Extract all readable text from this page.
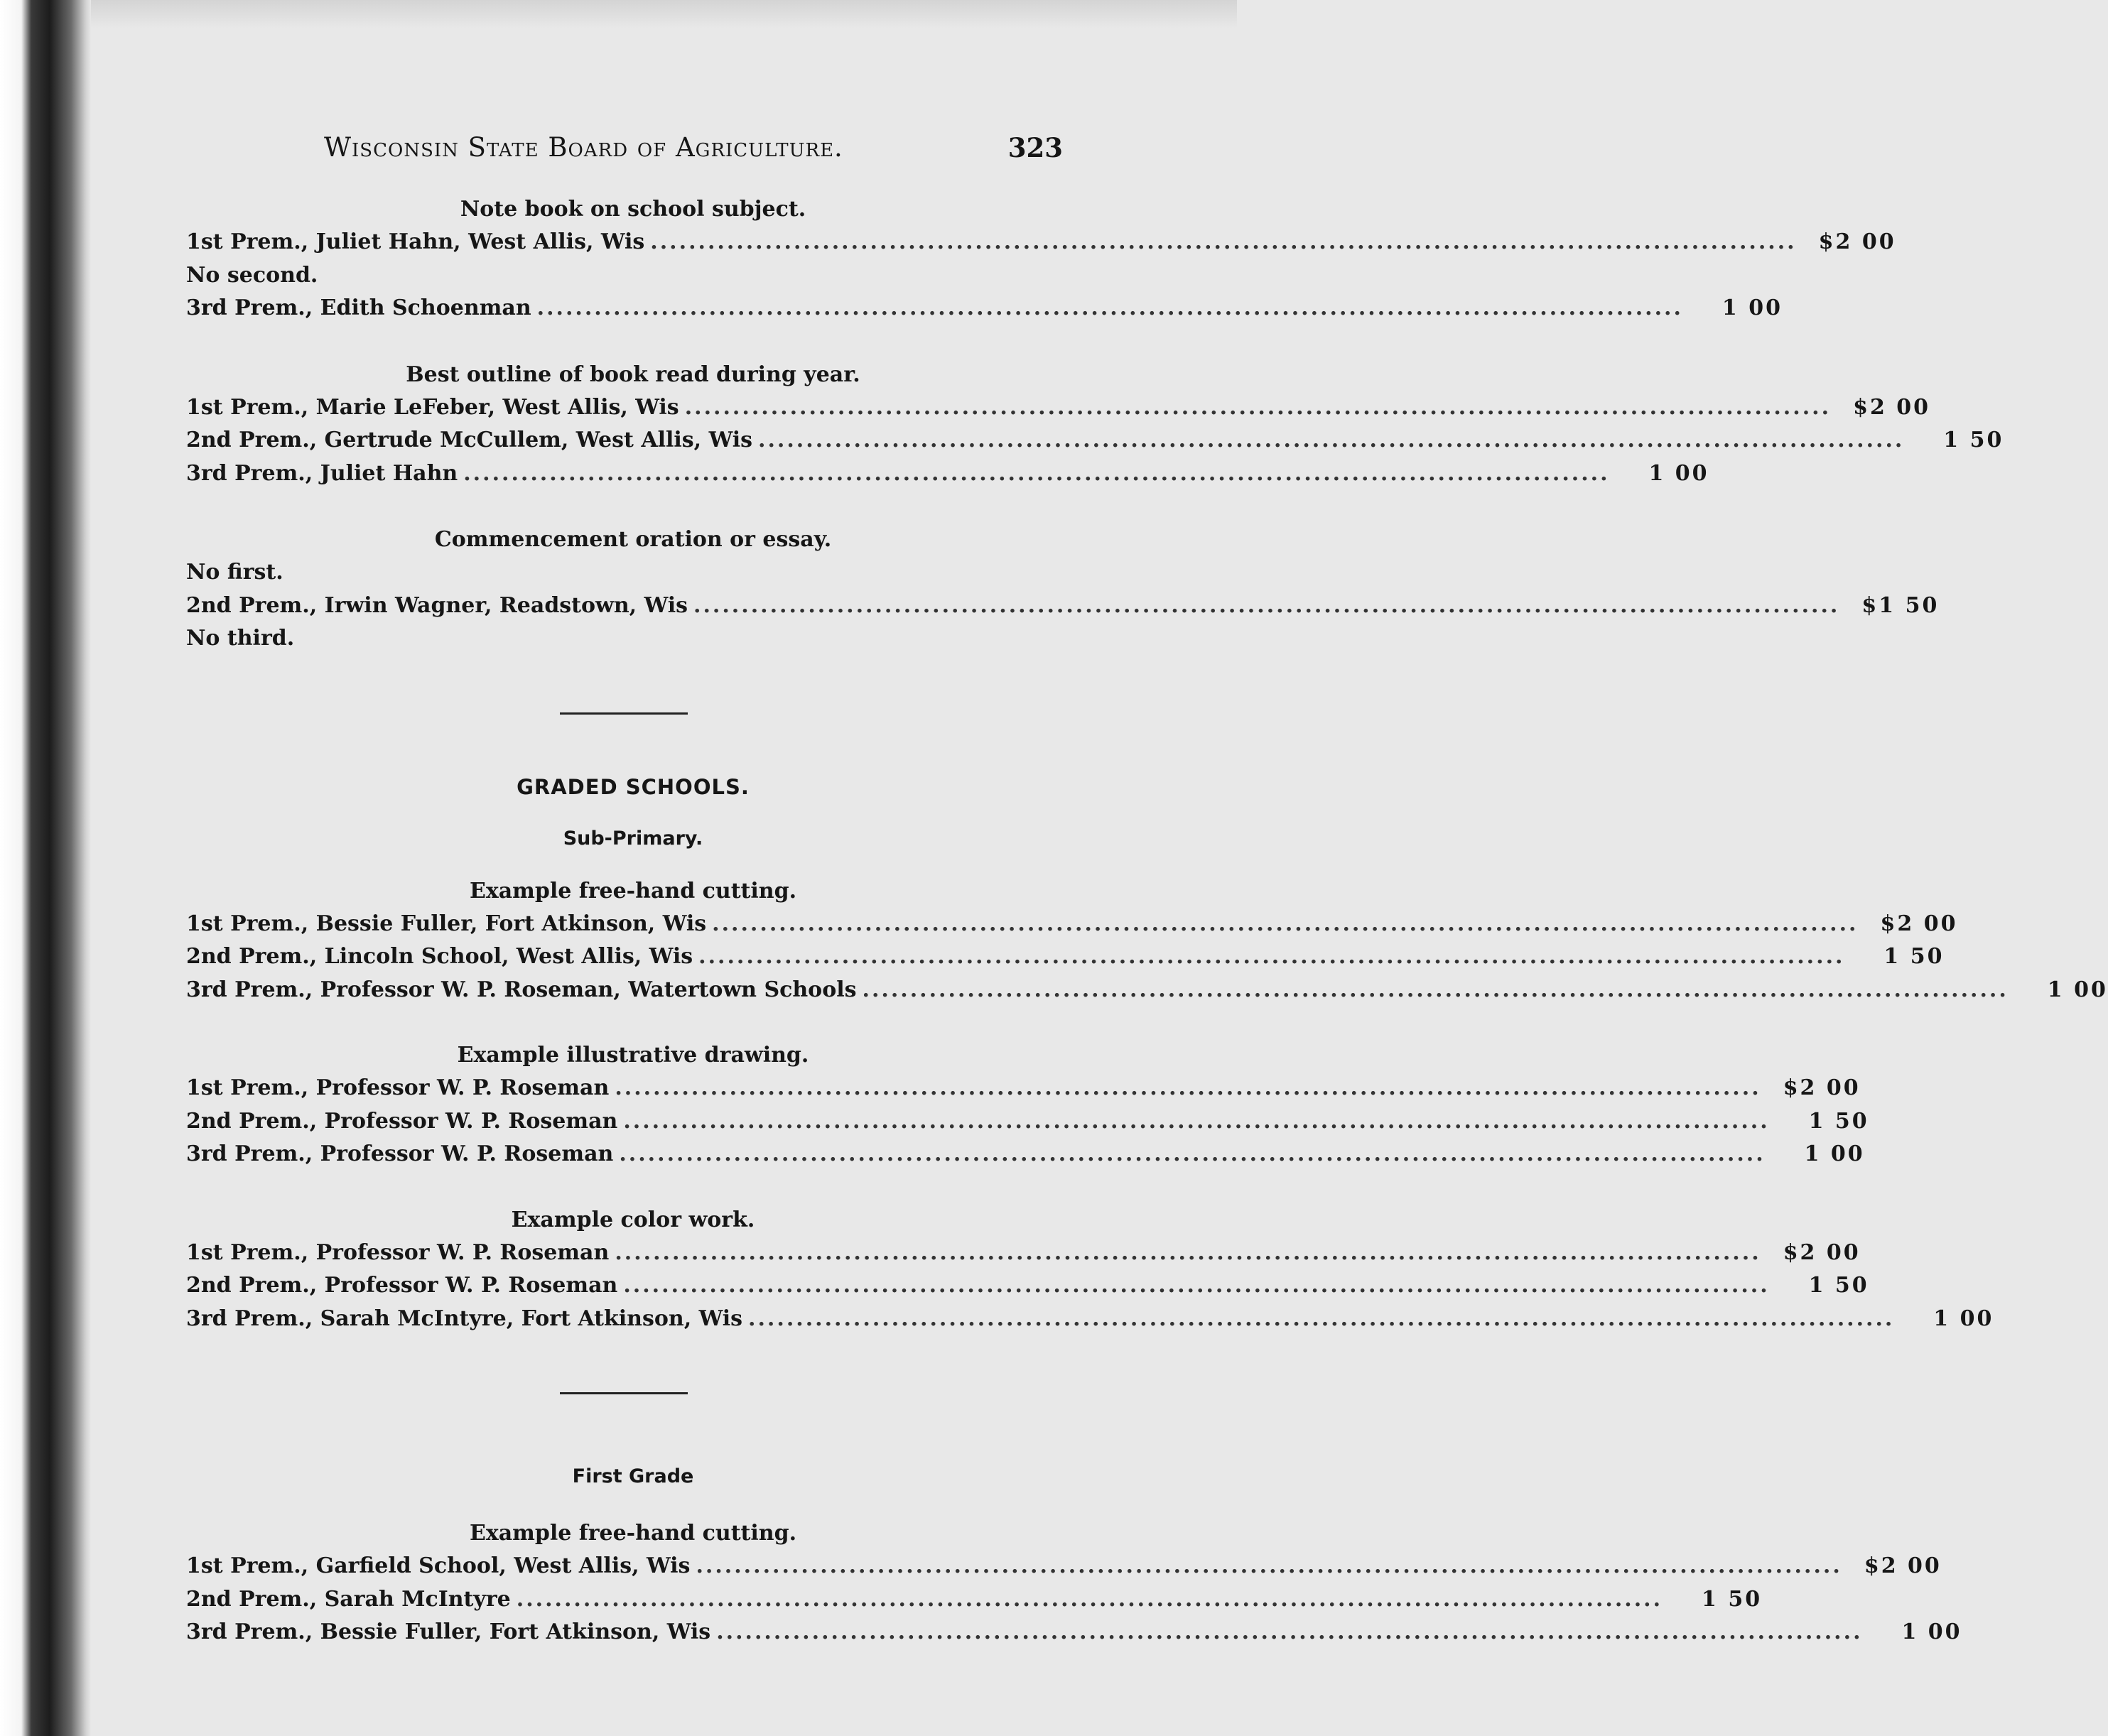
Wisconsin State Board of Agriculture.	323
Note book on school subject.
1st Prem., Juliet Hahn, West Allis, Wis ........................................................................................................................	$2 00
No second.
3rd Prem., Edith Schoenman ........................................................................................................................	1 00
Best outline of book read during year.
1st Prem., Marie LeFeber, West Allis, Wis ........................................................................................................................	$2 00
2nd Prem., Gertrude McCullem, West Allis, Wis ........................................................................................................................	1 50
3rd Prem., Juliet Hahn ........................................................................................................................	1 00
Commencement oration or essay.
No first.
2nd Prem., Irwin Wagner, Readstown, Wis ........................................................................................................................	$1 50
No third.
GRADED SCHOOLS.
Sub-Primary.
Example free-hand cutting.
1st Prem., Bessie Fuller, Fort Atkinson, Wis ........................................................................................................................	$2 00
2nd Prem., Lincoln School, West Allis, Wis ........................................................................................................................	1 50
3rd Prem., Professor W. P. Roseman, Watertown Schools ........................................................................................................................	1 00
Example illustrative drawing.
1st Prem., Professor W. P. Roseman ........................................................................................................................	$2 00
2nd Prem., Professor W. P. Roseman ........................................................................................................................	1 50
3rd Prem., Professor W. P. Roseman ........................................................................................................................	1 00
Example color work.
1st Prem., Professor W. P. Roseman ........................................................................................................................	$2 00
2nd Prem., Professor W. P. Roseman ........................................................................................................................	1 50
3rd Prem., Sarah McIntyre, Fort Atkinson, Wis ........................................................................................................................	1 00
First Grade
Example free-hand cutting.
1st Prem., Garfield School, West Allis, Wis ........................................................................................................................	$2 00
2nd Prem., Sarah McIntyre ........................................................................................................................	1 50
3rd Prem., Bessie Fuller, Fort Atkinson, Wis ........................................................................................................................	1 00
